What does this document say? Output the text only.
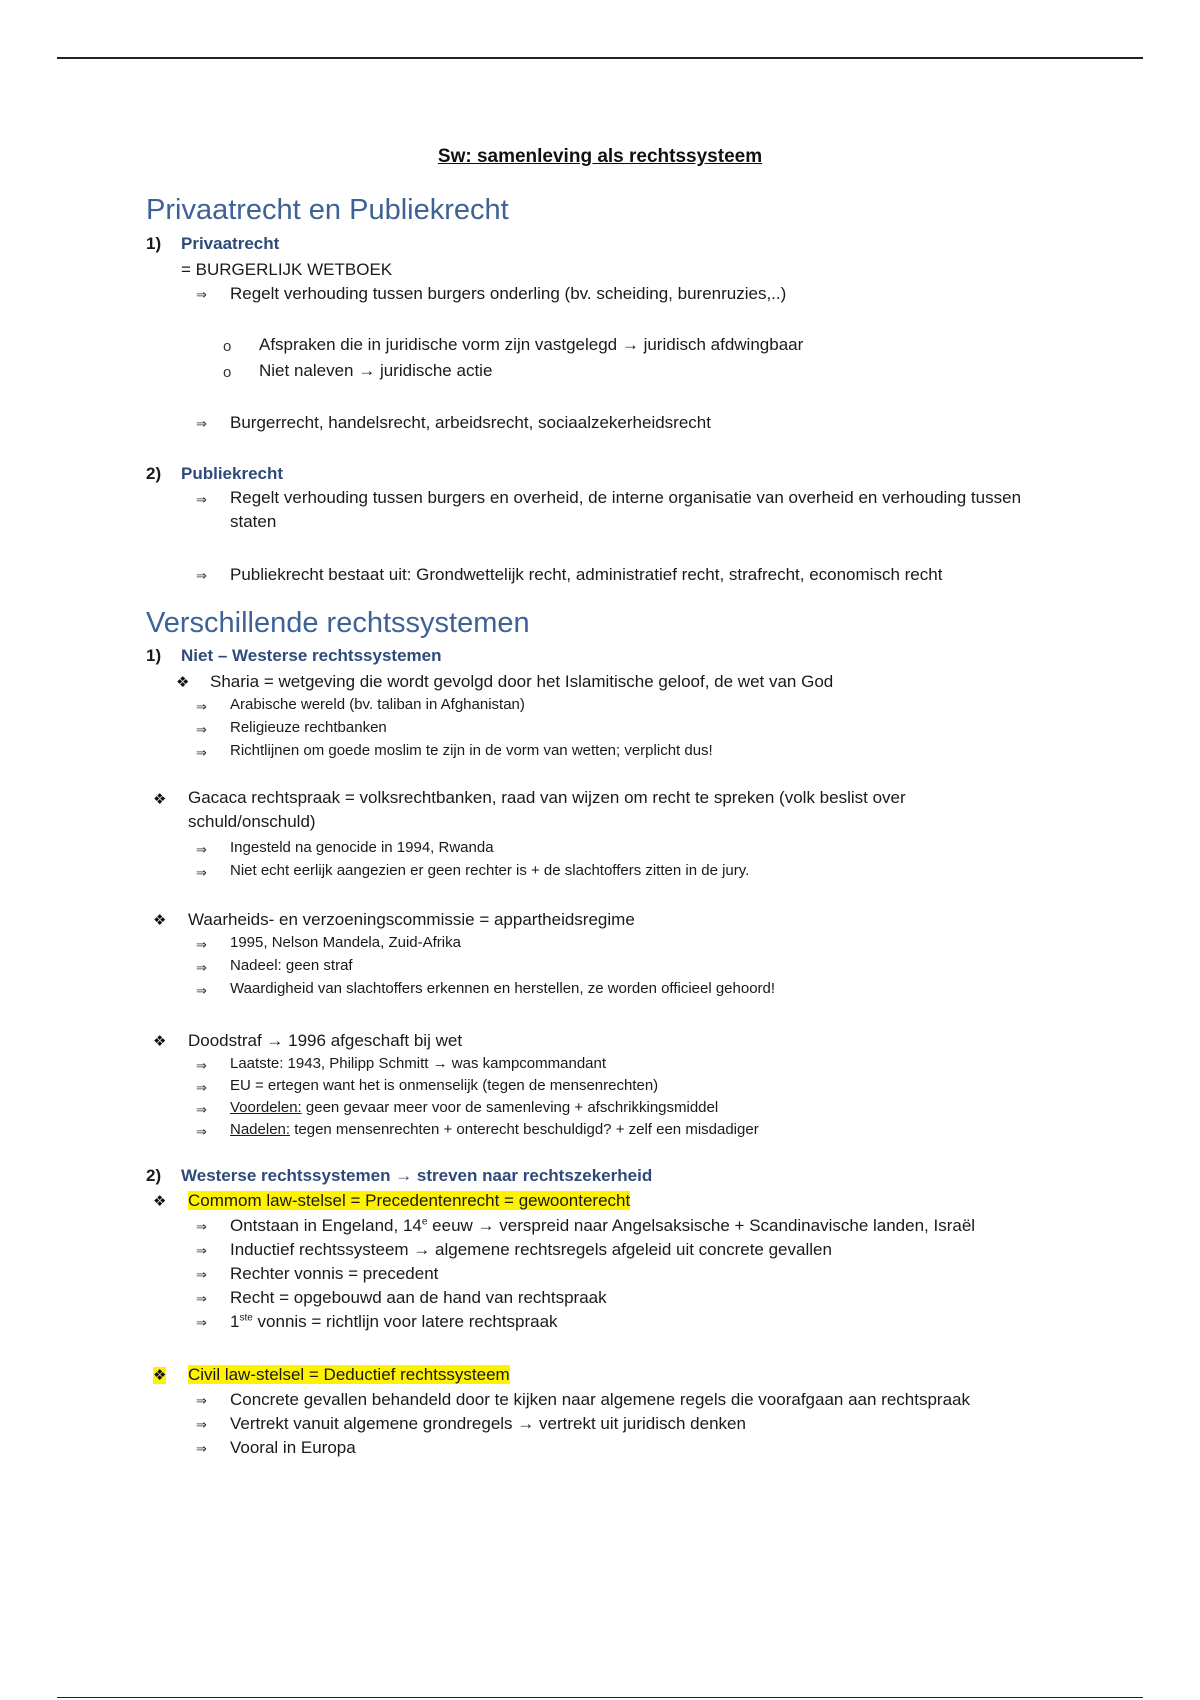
Sw: samenleving als rechtssysteem
Privaatrecht en Publiekrecht
1) Privaatrecht
= BURGERLIJK WETBOEK
⇒ Regelt verhouding tussen burgers onderling (bv. scheiding, burenruzies,..)
o Afspraken die in juridische vorm zijn vastgelegd → juridisch afdwingbaar
o Niet naleven → juridische actie
⇒ Burgerrecht, handelsrecht, arbeidsrecht, sociaalzekerheidsrecht
2) Publiekrecht
⇒ Regelt verhouding tussen burgers en overheid, de interne organisatie van overheid en verhouding tussen staten
⇒ Publiekrecht bestaat uit: Grondwettelijk recht, administratief recht, strafrecht, economisch recht
Verschillende rechtssystemen
1) Niet – Westerse rechtssystemen
❖ Sharia = wetgeving die wordt gevolgd door het Islamitische geloof, de wet van God
⇒ Arabische wereld (bv. taliban in Afghanistan)
⇒ Religieuze rechtbanken
⇒ Richtlijnen om goede moslim te zijn in de vorm van wetten; verplicht dus!
❖ Gacaca rechtspraak = volksrechtbanken, raad van wijzen om recht te spreken (volk beslist over schuld/onschuld)
⇒ Ingesteld na genocide in 1994, Rwanda
⇒ Niet echt eerlijk aangezien er geen rechter is + de slachtoffers zitten in de jury.
❖ Waarheids- en verzoeningscommissie = appartheidsregime
⇒ 1995, Nelson Mandela, Zuid-Afrika
⇒ Nadeel: geen straf
⇒ Waardigheid van slachtoffers erkennen en herstellen, ze worden officieel gehoord!
❖ Doodstraf → 1996 afgeschaft bij wet
⇒ Laatste: 1943, Philipp Schmitt → was kampcommandant
⇒ EU = ertegen want het is onmenselijk (tegen de mensenrechten)
⇒ Voordelen: geen gevaar meer voor de samenleving + afschrikkingsmiddel
⇒ Nadelen: tegen mensenrechten + onterecht beschuldigd? + zelf een misdadiger
2) Westerse rechtssystemen → streven naar rechtszekerheid
❖ Commom law-stelsel = Precedentenrecht = gewoonterecht
⇒ Ontstaan in Engeland, 14e eeuw → verspreid naar Angelsaksische + Scandinavische landen, Israël
⇒ Inductief rechtssysteem → algemene rechtsregels afgeleid uit concrete gevallen
⇒ Rechter vonnis = precedent
⇒ Recht = opgebouwd aan de hand van rechtspraak
⇒ 1ste vonnis = richtlijn voor latere rechtspraak
❖ Civil law-stelsel = Deductief rechtssysteem
⇒ Concrete gevallen behandeld door te kijken naar algemene regels die voorafgaan aan rechtspraak
⇒ Vertrekt vanuit algemene grondregels → vertrekt uit juridisch denken
⇒ Vooral in Europa
